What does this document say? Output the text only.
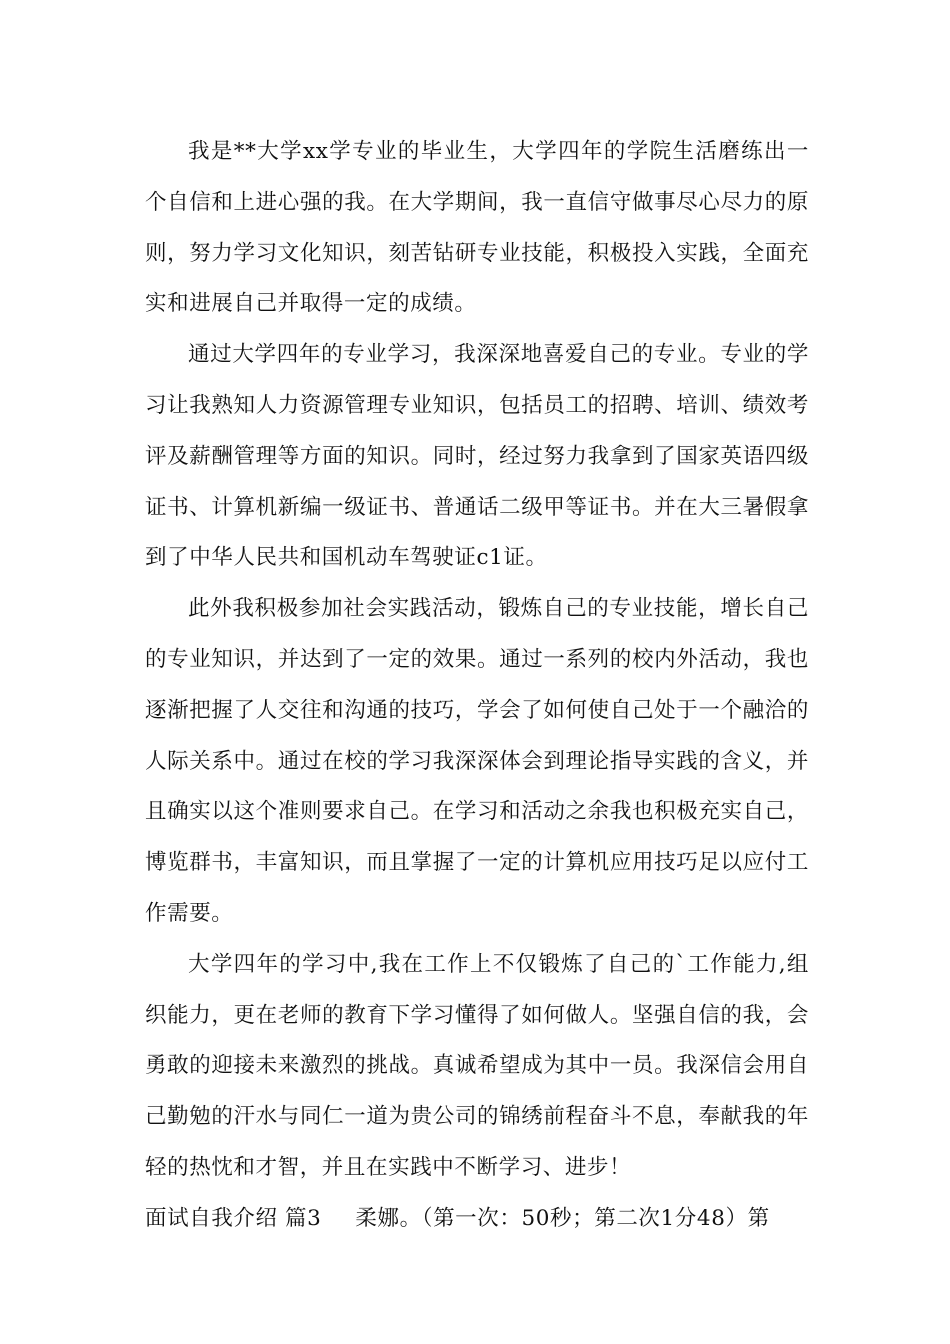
我是**大学xx学专业的毕业生，大学四年的学院生活磨练出一个自信和上进心强的我。在大学期间，我一直信守做事尽心尽力的原则，努力学习文化知识，刻苦钻研专业技能，积极投入实践，全面充实和进展自己并取得一定的成绩。

通过大学四年的专业学习，我深深地喜爱自己的专业。专业的学习让我熟知人力资源管理专业知识，包括员工的招聘、培训、绩效考评及薪酬管理等方面的知识。同时，经过努力我拿到了国家英语四级证书、计算机新编一级证书、普通话二级甲等证书。并在大三暑假拿到了中华人民共和国机动车驾驶证c1证。

此外我积极参加社会实践活动，锻炼自己的专业技能，增长自己的专业知识，并达到了一定的效果。通过一系列的校内外活动，我也逐渐把握了人交往和沟通的技巧，学会了如何使自己处于一个融洽的人际关系中。通过在校的学习我深深体会到理论指导实践的含义，并且确实以这个准则要求自己。在学习和活动之余我也积极充实自己，博览群书，丰富知识，而且掌握了一定的计算机应用技巧足以应付工作需要。

大学四年的学习中,我在工作上不仅锻炼了自己的`工作能力,组织能力，更在老师的教育下学习懂得了如何做人。坚强自信的我，会勇敢的迎接未来激烈的挑战。真诚希望成为其中一员。我深信会用自己勤勉的汗水与同仁一道为贵公司的锦绣前程奋斗不息，奉献我的年轻的热忱和才智，并且在实践中不断学习、进步！

面试自我介绍 篇3 柔娜。（第一次：50秒；第二次1分48）第
